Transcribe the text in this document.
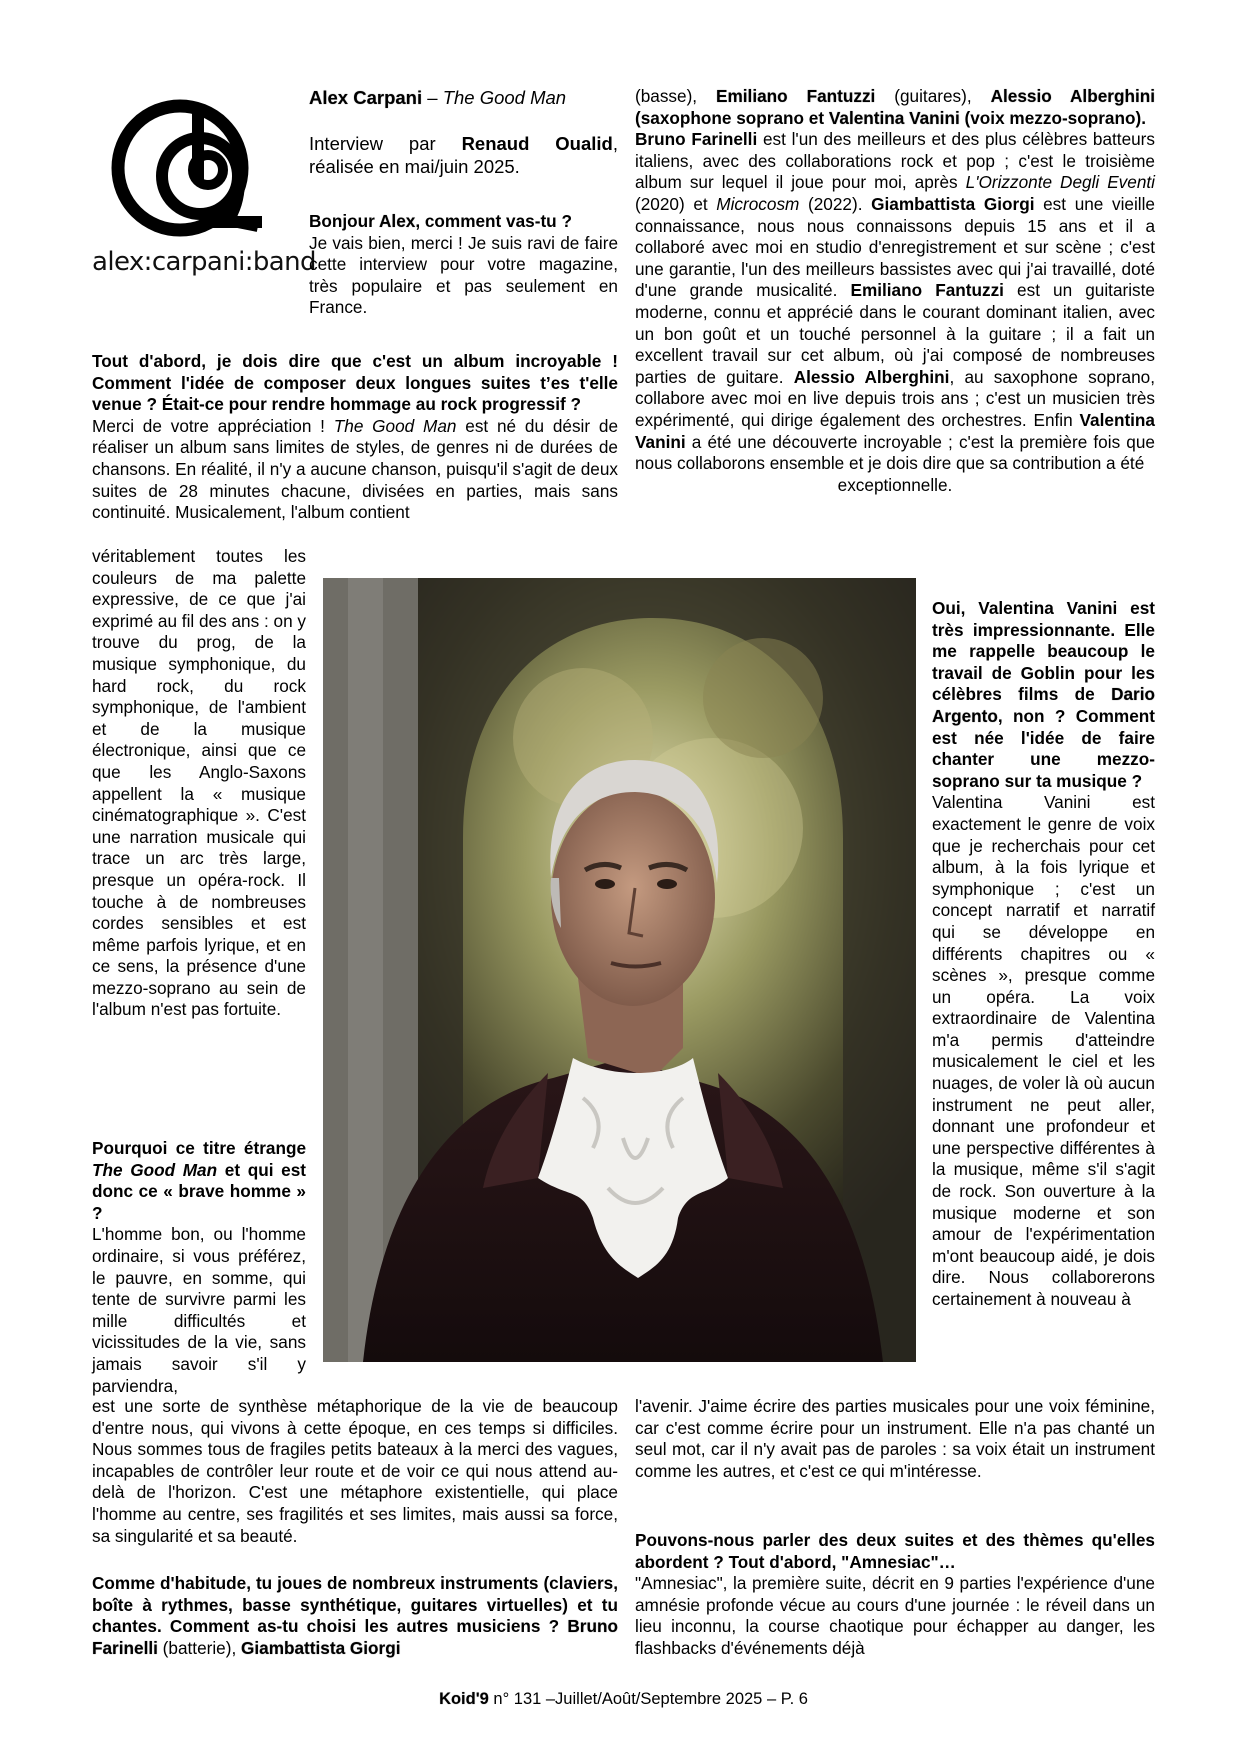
alex:carpani:band

Alex Carpani – The Good Man

Interview par Renaud Oualid, réalisée en mai/juin 2025.

Bonjour Alex, comment vas-tu ?

Je vais bien, merci ! Je suis ravi de faire cette interview pour votre magazine, très populaire et pas seulement en France.

Tout d'abord, je dois dire que c'est un album incroyable ! Comment l'idée de composer deux longues suites t’es t'elle venue ? Était-ce pour rendre hommage au rock progressif ?

Merci de votre appréciation ! The Good Man est né du désir de réaliser un album sans limites de styles, de genres ni de durées de chansons. En réalité, il n'y a aucune chanson, puisqu'il s'agit de deux suites de 28 minutes chacune, divisées en parties, mais sans continuité. Musicalement, l'album contient

véritablement toutes les couleurs de ma palette expressive, de ce que j'ai exprimé au fil des ans : on y trouve du prog, de la musique symphonique, du hard rock, du rock symphonique, de l'ambient et de la musique électronique, ainsi que ce que les Anglo-Saxons appellent la « musique cinématographique ». C'est une narration musicale qui trace un arc très large, presque un opéra-rock. Il touche à de nombreuses cordes sensibles et est même parfois lyrique, et en ce sens, la présence d'une mezzo-soprano au sein de l'album n'est pas fortuite.

Pourquoi ce titre étrange The Good Man et qui est donc ce « brave homme » ?

L'homme bon, ou l'homme ordinaire, si vous préférez, le pauvre, en somme, qui tente de survivre parmi les mille difficultés et vicissitudes de la vie, sans jamais savoir s'il y parviendra,

est une sorte de synthèse métaphorique de la vie de beaucoup d'entre nous, qui vivons à cette époque, en ces temps si difficiles. Nous sommes tous de fragiles petits bateaux à la merci des vagues, incapables de contrôler leur route et de voir ce qui nous attend au-delà de l'horizon. C'est une métaphore existentielle, qui place l'homme au centre, ses fragilités et ses limites, mais aussi sa force, sa singularité et sa beauté.

Comme d'habitude, tu joues de nombreux instruments (claviers, boîte à rythmes, basse synthétique, guitares virtuelles) et tu chantes. Comment as-tu choisi les autres musiciens ? Bruno Farinelli (batterie), Giambattista Giorgi

(basse), Emiliano Fantuzzi (guitares), Alessio Alberghini (saxophone soprano et Valentina Vanini (voix mezzo-soprano).

Bruno Farinelli est l'un des meilleurs et des plus célèbres batteurs italiens, avec des collaborations rock et pop ; c'est le troisième album sur lequel il joue pour moi, après L'Orizzonte Degli Eventi (2020) et Microcosm (2022). Giambattista Giorgi est une vieille connaissance, nous nous connaissons depuis 15 ans et il a collaboré avec moi en studio d'enregistrement et sur scène ; c'est une garantie, l'un des meilleurs bassistes avec qui j'ai travaillé, doté d'une grande musicalité. Emiliano Fantuzzi est un guitariste moderne, connu et apprécié dans le courant dominant italien, avec un bon goût et un touché personnel à la guitare ; il a fait un excellent travail sur cet album, où j'ai composé de nombreuses parties de guitare. Alessio Alberghini, au saxophone soprano, collabore avec moi en live depuis trois ans ; c'est un musicien très expérimenté, qui dirige également des orchestres. Enfin Valentina Vanini a été une découverte incroyable ; c'est la première fois que nous collaborons ensemble et je dois dire que sa contribution a été

exceptionnelle.

Oui, Valentina Vanini est très impressionnante. Elle me rappelle beaucoup le travail de Goblin pour les célèbres films de Dario Argento, non ? Comment est née l'idée de faire chanter une mezzo-soprano sur ta musique ?

Valentina Vanini est exactement le genre de voix que je recherchais pour cet album, à la fois lyrique et symphonique ; c'est un concept narratif et narratif qui se développe en différents chapitres ou « scènes », presque comme un opéra. La voix extraordinaire de Valentina m'a permis d'atteindre musicalement le ciel et les nuages, de voler là où aucun instrument ne peut aller, donnant une profondeur et une perspective différentes à la musique, même s'il s'agit de rock. Son ouverture à la musique moderne et son amour de l'expérimentation m'ont beaucoup aidé, je dois dire. Nous collaborerons certainement à nouveau à

l'avenir. J'aime écrire des parties musicales pour une voix féminine, car c'est comme écrire pour un instrument. Elle n'a pas chanté un seul mot, car il n'y avait pas de paroles : sa voix était un instrument comme les autres, et c'est ce qui m'intéresse.

Pouvons-nous parler des deux suites et des thèmes qu'elles abordent ? Tout d'abord, "Amnesiac"…

"Amnesiac", la première suite, décrit en 9 parties l'expérience d'une amnésie profonde vécue au cours d'une journée : le réveil dans un lieu inconnu, la course chaotique pour échapper au danger, les flashbacks d'événements déjà

Koid'9 n° 131 –Juillet/Août/Septembre 2025 – P. 6
